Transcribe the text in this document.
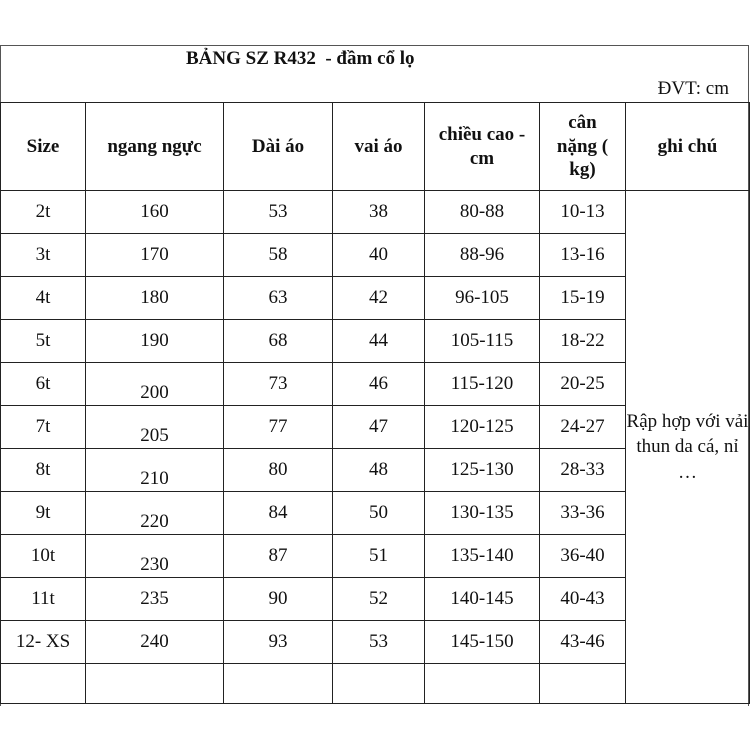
BẢNG SZ R432  - đầm cổ lọ
ĐVT: cm
Size	ngang ngực	Dài áo	vai áo	chiều cao - cm	cân nặng ( kg)	ghi chú
2t	160	53	38	80-88	10-13	Rập hợp với vải thun da cá, nỉ …
3t	170	58	40	88-96	13-16	
4t	180	63	42	96-105	15-19	
5t	190	68	44	105-115	18-22	
6t	200	73	46	115-120	20-25	
7t	205	77	47	120-125	24-27	
8t	210	80	48	125-130	28-33	
9t	220	84	50	130-135	33-36	
10t	230	87	51	135-140	36-40	
11t	235	90	52	140-145	40-43	
12- XS	240	93	53	145-150	43-46	
